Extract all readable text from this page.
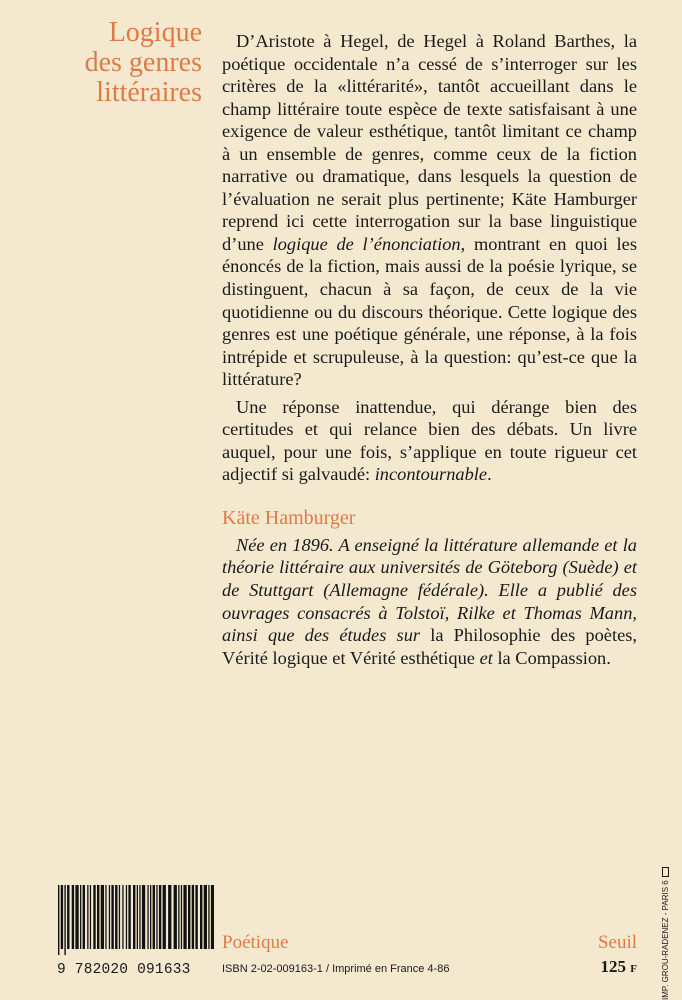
Logique
des genres
littéraires

D’Aristote à Hegel, de Hegel à Roland Barthes, la poétique occidentale n’a cessé de s’interroger sur les critères de la «littérarité», tantôt accueillant dans le champ littéraire toute espèce de texte satisfaisant à une exigence de valeur esthétique, tantôt limitant ce champ à un ensemble de genres, comme ceux de la fiction narrative ou dramatique, dans lesquels la question de l’évaluation ne serait plus pertinente; Käte Hamburger reprend ici cette interrogation sur la base linguistique d’une logique de l’énonciation, montrant en quoi les énoncés de la fiction, mais aussi de la poésie lyrique, se distinguent, chacun à sa façon, de ceux de la vie quotidienne ou du discours théorique. Cette logique des genres est une poétique générale, une réponse, à la fois intrépide et scrupuleuse, à la question: qu’est-ce que la littérature?

Une réponse inattendue, qui dérange bien des certitudes et qui relance bien des débats. Un livre auquel, pour une fois, s’applique en toute rigueur cet adjectif si galvaudé: incontournable.

Käte Hamburger

Née en 1896. A enseigné la littérature allemande et la théorie littéraire aux universités de Göteborg (Suède) et de Stuttgart (Allemagne fédérale). Elle a publié des ouvrages consacrés à Tolstoï, Rilke et Thomas Mann, ainsi que des études sur la Philosophie des poètes, Vérité logique et Vérité esthétique et la Compassion.

9 782020 091633
Poétique	Seuil
ISBN 2-02-009163-1 / Imprimé en France 4-86	125 F	IMP. GROU-RADENEZ - PARIS 6
